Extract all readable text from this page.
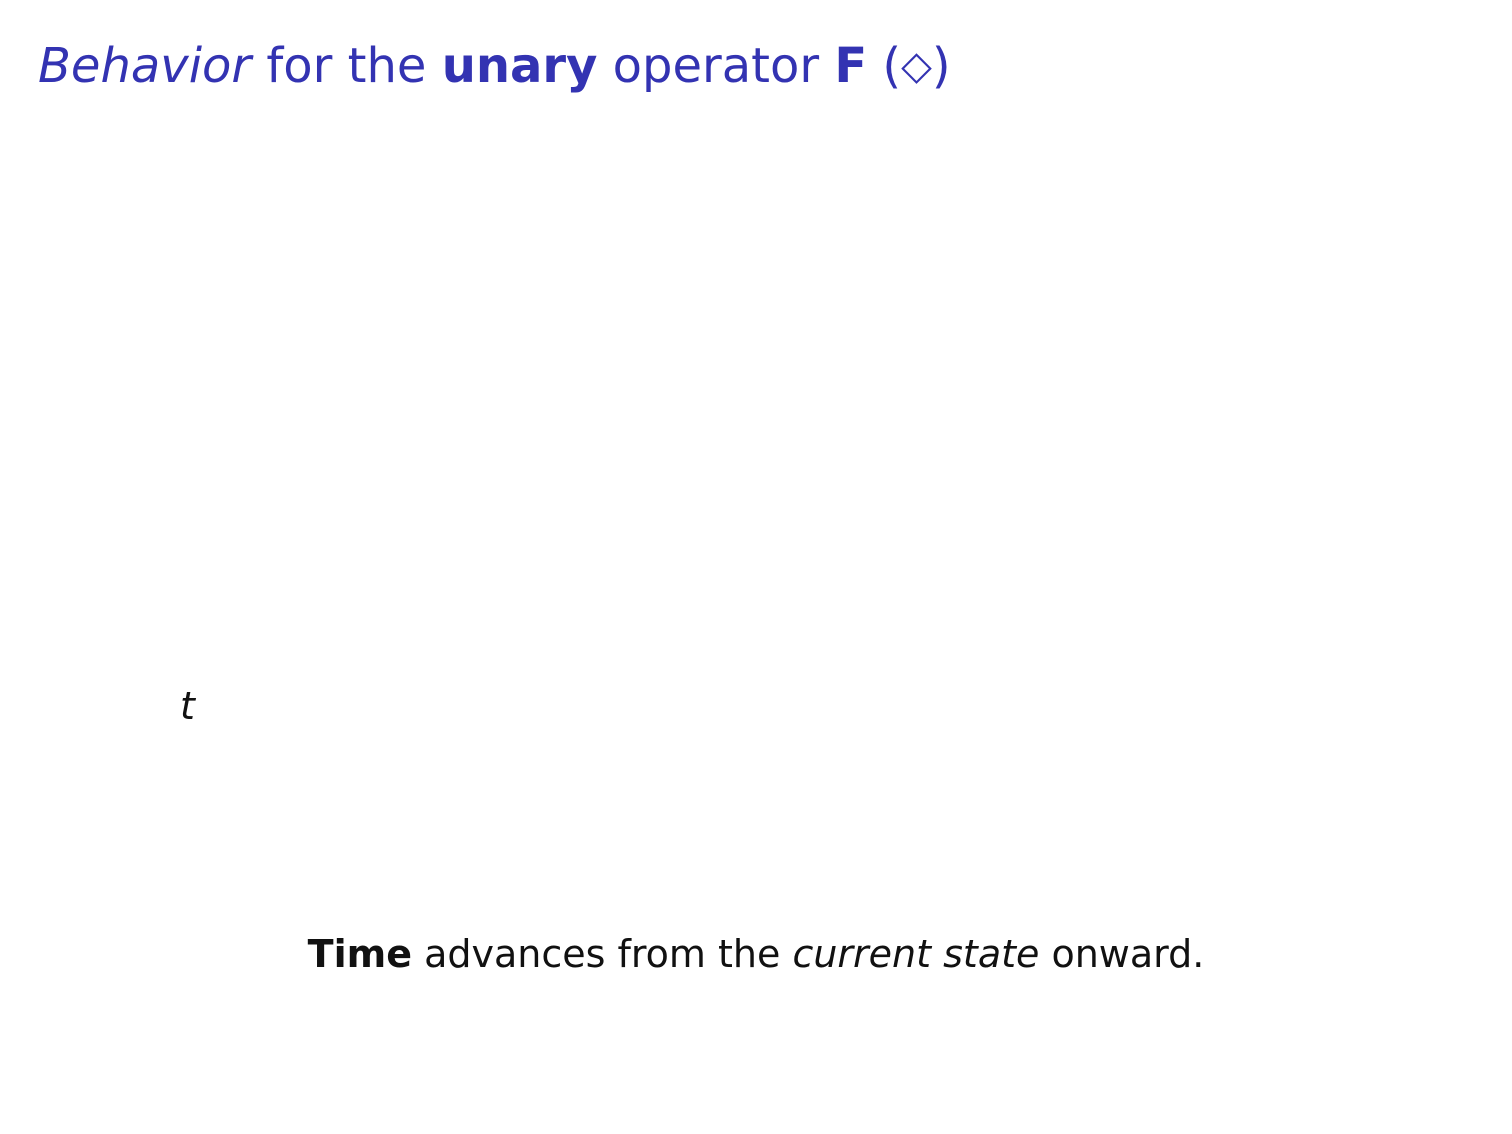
Behavior for the unary operator F (◇)
t

Time advances from the current state onward.
